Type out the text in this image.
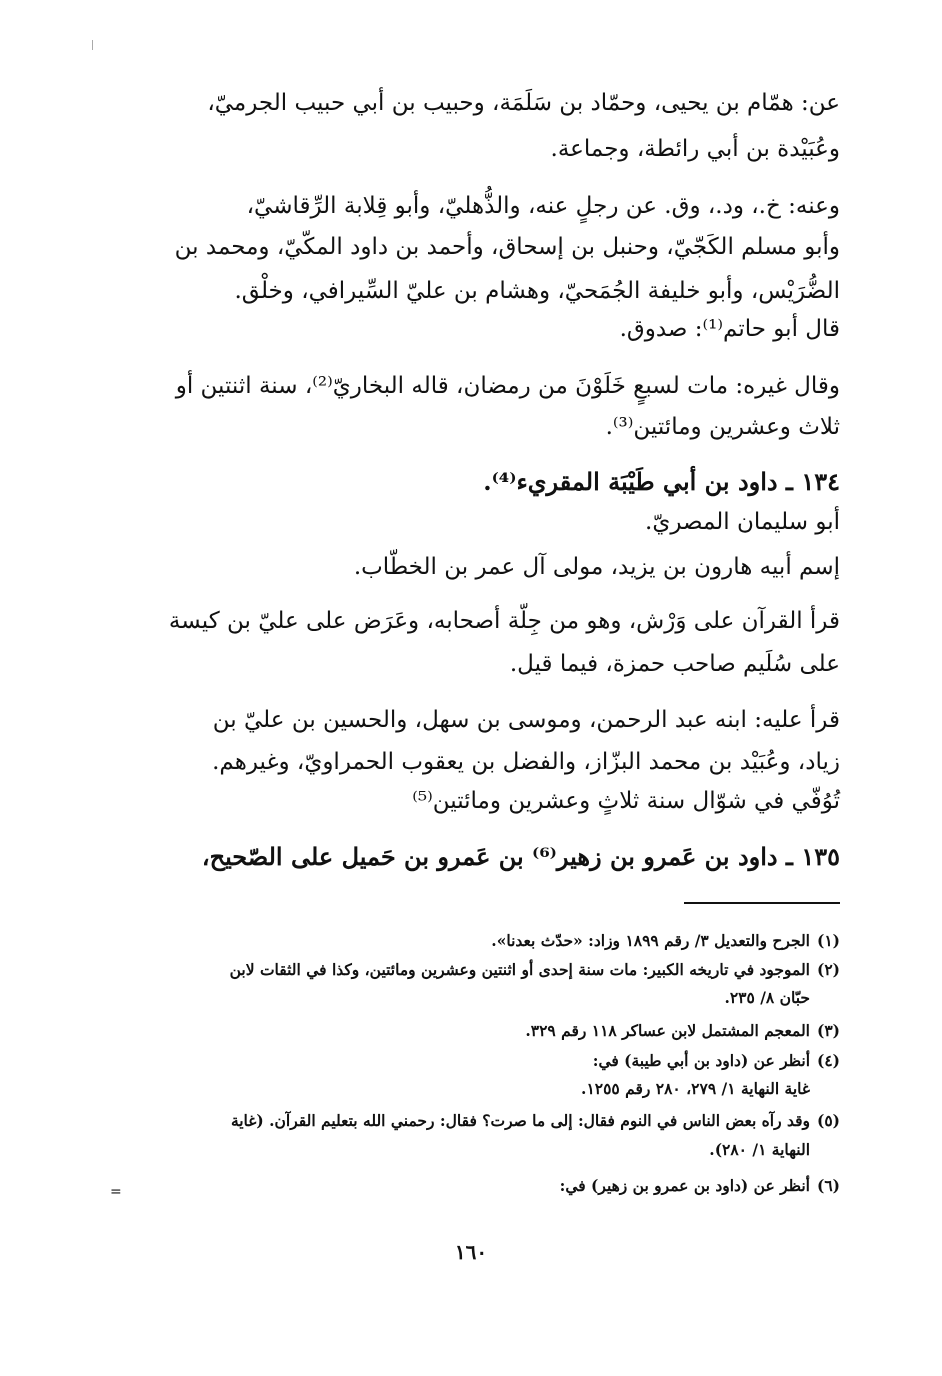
عن: همّام بن يحيى، وحمّاد بن سَلَمَة، وحبيب بن أبي حبيب الجرميّ،
وعُبَيْدة بن أبي رائطة، وجماعة.
وعنه: خ.، ود.، وق. عن رجلٍ عنه، والذُّهليّ، وأبو قِلابة الرِّقاشيّ،
وأبو مسلم الكَجّيّ، وحنبل بن إسحاق، وأحمد بن داود المكّيّ، ومحمد بن
الضُّرَيْس، وأبو خليفة الجُمَحيّ، وهشام بن عليّ السِّيرافي، وخلْق.
قال أبو حاتم⁽¹⁾: صدوق.
وقال غيره: مات لسبعٍ خَلَوْنَ من رمضان، قاله البخاريّ⁽²⁾، سنة اثنتين أو
ثلاث وعشرين ومائتين⁽³⁾.
١٣٤ ـ داود بن أبي طَيْبَة المقريء⁽⁴⁾.
أبو سليمان المصريّ.
إسم أبيه هارون بن يزيد، مولى آل عمر بن الخطّاب.
قرأ القرآن على وَرْش، وهو من جِلّة أصحابه، وعَرَض على عليّ بن كيسة
على سُلَيم صاحب حمزة، فيما قيل.
قرأ عليه: ابنه عبد الرحمن، وموسى بن سهل، والحسين بن عليّ بن
زياد، وعُبَيْد بن محمد البزّاز، والفضل بن يعقوب الحمراويّ، وغيرهم.
تُوُفّي في شوّال سنة ثلاثٍ وعشرين ومائتين⁽⁵⁾
١٣٥ ـ داود بن عَمرو بن زهير⁽⁶⁾ بن عَمرو بن حَميل على الصّحيح،
(١)الجرح والتعديل ٣/ رقم ١٨٩٩ وزاد: «حدّث بعدنا».
(٢)الموجود في تاريخه الكبير: مات سنة إحدى أو اثنتين وعشرين ومائتين، وكذا في الثقات لابن
حبّان ٨/ ٢٣٥.
(٣)المعجم المشتمل لابن عساكر ١١٨ رقم ٣٢٩.
(٤)أنظر عن (داود بن أبي طيبة) في:
غاية النهاية ١/ ٢٧٩، ٢٨٠ رقم ١٢٥٥.
(٥)وقد رآه بعض الناس في النوم فقال: إلى ما صرت؟ فقال: رحمني الله بتعليم القرآن. (غاية
النهاية ١/ ٢٨٠).
(٦)أنظر عن (داود بن عمرو بن زهير) في:
=
١٦٠
